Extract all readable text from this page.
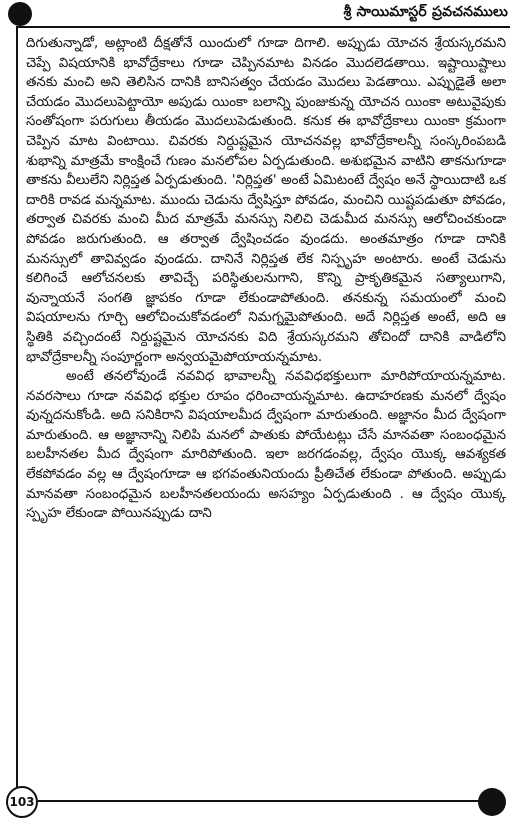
శ్రీ సాయిమాస్టర్ ప్రవచనములు

దిగుతున్నాడో, అట్లాంటి దీక్షతోనే యిందులో గూడా దిగాలి. అప్పుడు యోచన శ్రేయస్కరమని చెప్పే విషయానికి భావోద్రేకాలు గూడా చెప్పినమాట వినడం మొదలెడతాయి. ఇష్టాయిష్టాలు తనకు మంచి అని తెలిసిన దానికి బానిసత్వం చేయడం మొదలు పెడతాయి. ఎప్పుడైతే అలా చేయడం మొదలుపెట్టాయో అపుడు యింకా బలాన్ని పుంజుకున్న యోచన యింకా అటువైపుకు సంతోషంగా పరుగులు తీయడం మొదలుపెడుతుంది. కనుక ఈ భావోద్రేకాలు యింకా క్రమంగా చెప్పిన మాట వింటాయి. చివరకు నిర్దుష్టమైన యోచనవల్ల భావోద్రేకాలన్నీ సంస్కరింపబడి శుభాన్ని మాత్రమే కాంక్షించే గుణం మనలోపల ఏర్పడుతుంది. అశుభమైన వాటిని తాకనుగూడా తాకను వీలులేని నిర్లిప్తత ఏర్పడుతుంది. 'నిర్లిప్తత' అంటే ఏమిటంటే ద్వేషం అనే స్థాయిదాటి ఒక దారికి రావడ మన్నమాట. ముందు చెడును ద్వేషిస్తూ పోవడం, మంచిని యిష్టపడుతూ పోవడం, తర్వాత చివరకు మంచి మీద మాత్రమే మనస్సు నిలిచి చెడుమీద మనస్సు ఆలోచించకుండా పోవడం జరుగుతుంది. ఆ తర్వాత ద్వేషించడం వుండదు. అంతమాత్రం గూడా దానికి మనస్సులో తావివ్వడం వుండదు. దానినే నిర్లిప్తత లేక నిస్పృహ అంటారు. అంటే చెడును కలిగించే ఆలోచనలకు తావిచ్చే పరిస్థితులనుగాని, కొన్ని ప్రాకృతికమైన సత్యాలుగాని, వున్నాయనే సంగతి జ్ఞాపకం గూడా లేకుండాపోతుంది. తనకున్న సమయంలో మంచి విషయాలను గూర్చి ఆలోచించుకోవడంలో నిమగ్నమైపోతుంది. అదే నిర్లిప్తత అంటే, అది ఆ స్థితికి వచ్చిందంటే నిర్దుష్టమైన యోచనకు విది శ్రేయస్కరమని తోచిందో దానికి వాడిలోని భావోద్రేకాలన్నీ సంపూర్ణంగా అన్వయమైపోయాయన్నమాట.

అంటే తనలోవుండే నవవిధ భావాలన్నీ నవవిధభక్తులుగా మారిపోయాయన్నమాట. నవరసాలు గూడా నవవిధ భక్తుల రూపం ధరించాయన్నమాట. ఉదాహరణకు మనలో ద్వేషం వున్నదనుకోండి. అది సనికిరాని విషయాలమీద ద్వేషంగా మారుతుంది. అజ్ఞానం మీద ద్వేషంగా మారుతుంది. ఆ అజ్ఞానాన్ని నిలిపి మనలో పాతుకు పోయేటట్లు చేసే మానవతా సంబంధమైన బలహీనతల మీద ద్వేషంగా మారిపోతుంది. ఇలా జరగడంవల్ల, ద్వేషం యొక్క ఆవశ్యకత లేకపోవడం వల్ల ఆ ద్వేషంగూడా ఆ భగవంతునియందు ప్రీతిచేత లేకుండా పోతుంది. అప్పుడు మానవతా సంబంధమైన బలహీనతలయందు అసహ్యం ఏర్పడుతుంది . ఆ ద్వేషం యొక్క స్పృహ లేకుండా పోయినప్పుడు దాని

103
